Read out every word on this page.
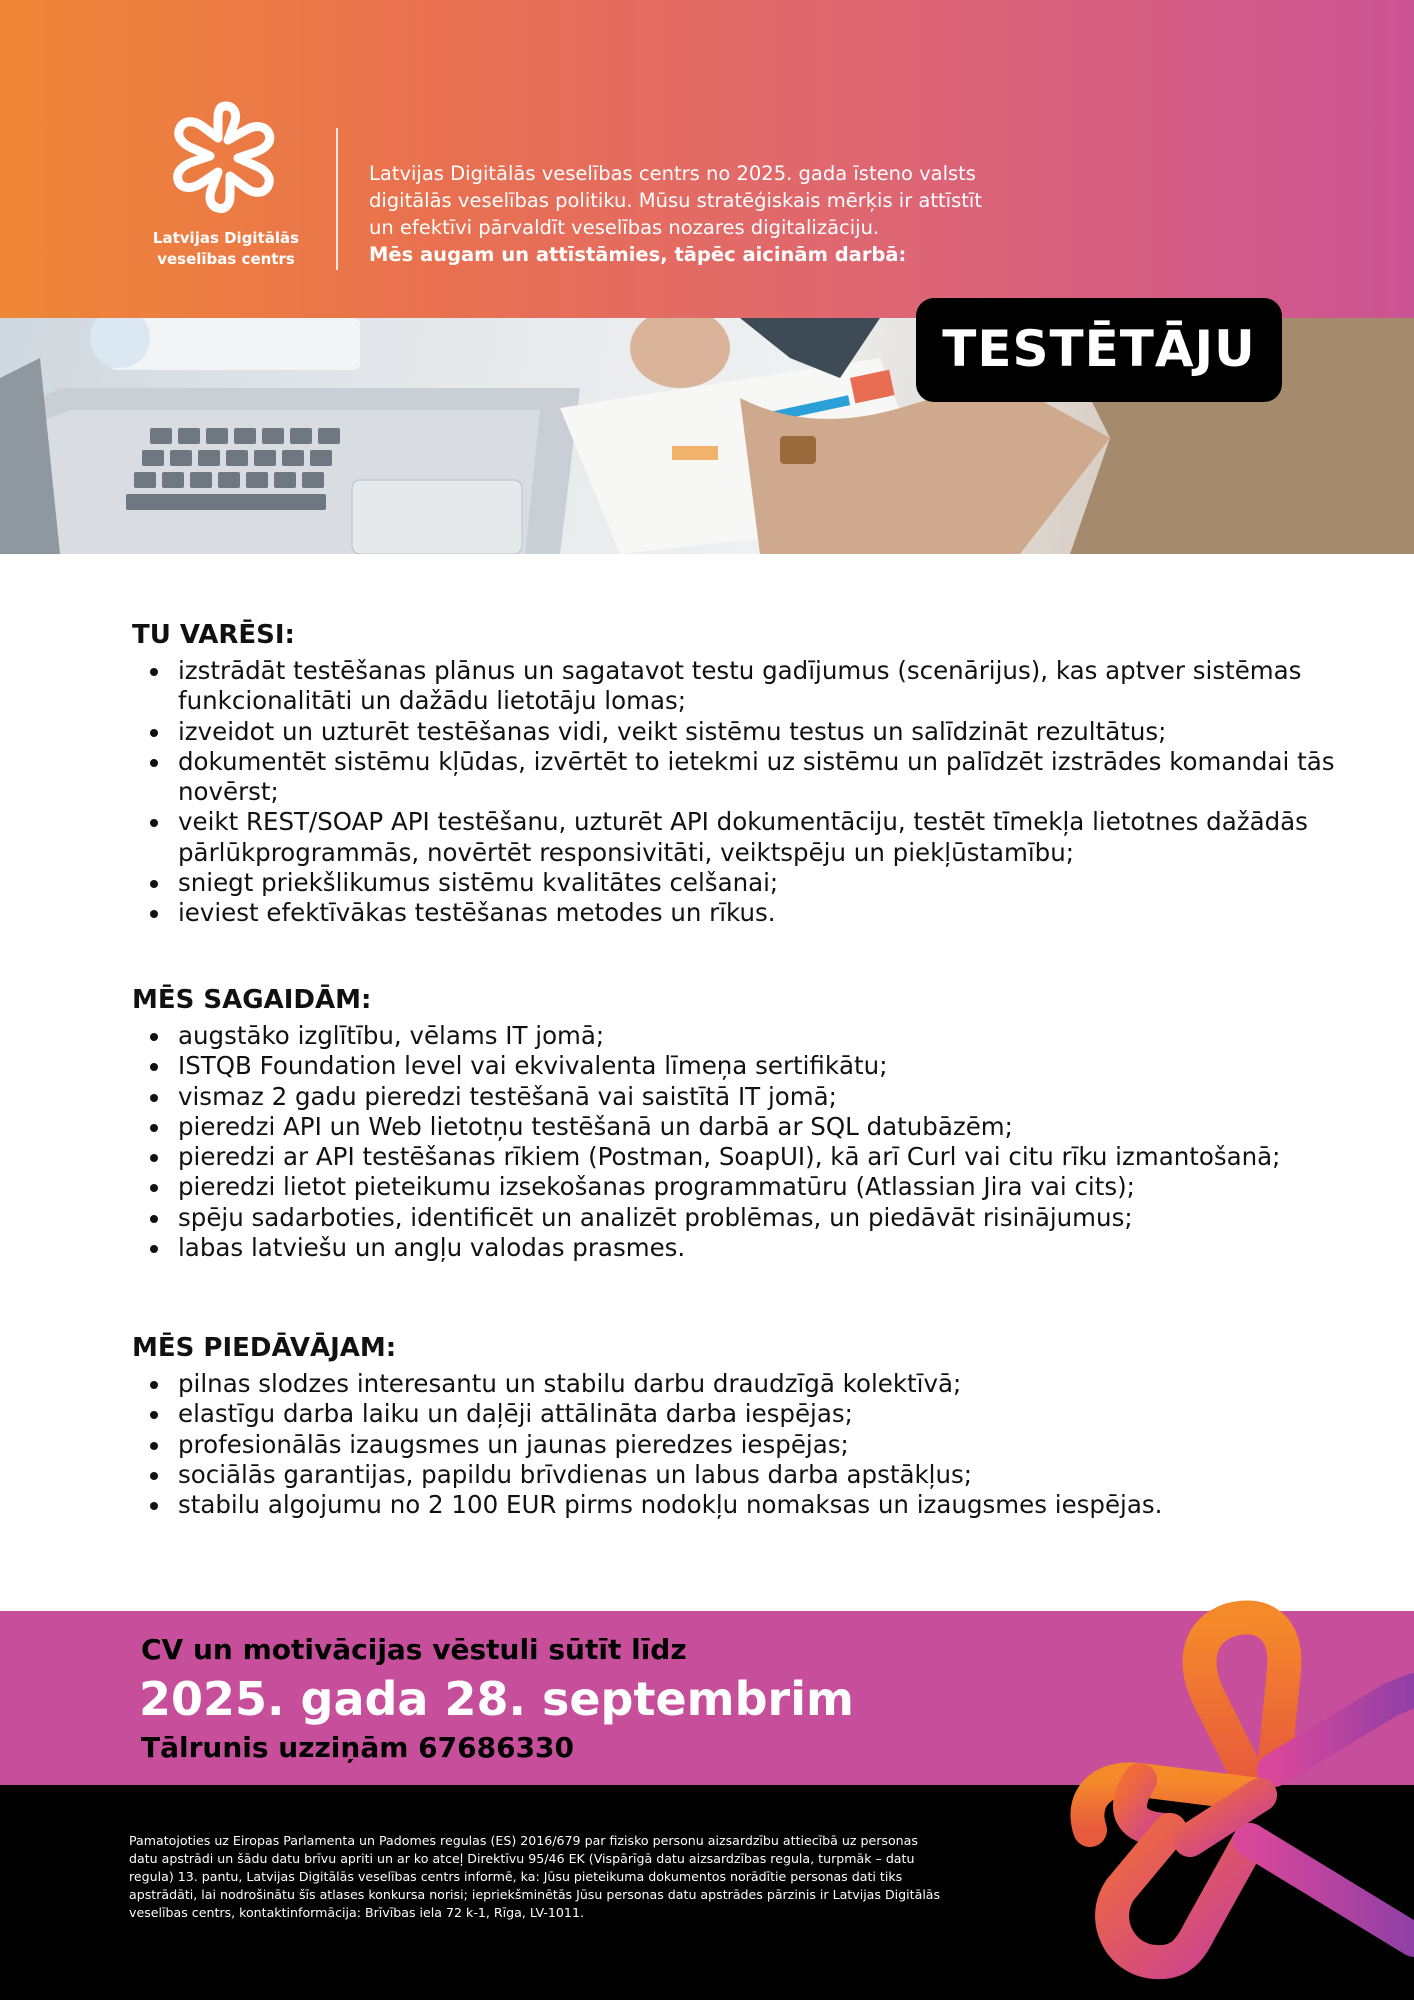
Latvijas Digitālās
veselības centrs
Latvijas Digitālās veselības centrs no 2025. gada īsteno valsts
digitālās veselības politiku. Mūsu stratēģiskais mērķis ir attīstīt
un efektīvi pārvaldīt veselības nozares digitalizāciju.
Mēs augam un attīstāmies, tāpēc aicinām darbā:
TESTĒTĀJU
TU VARĒSI:
izstrādāt testēšanas plānus un sagatavot testu gadījumus (scenārijus), kas aptver sistēmas funkcionalitāti un dažādu lietotāju lomas;
izveidot un uzturēt testēšanas vidi, veikt sistēmu testus un salīdzināt rezultātus;
dokumentēt sistēmu kļūdas, izvērtēt to ietekmi uz sistēmu un palīdzēt izstrādes komandai tās novērst;
veikt REST/SOAP API testēšanu, uzturēt API dokumentāciju, testēt tīmekļa lietotnes dažādās pārlūkprogrammās, novērtēt responsivitāti, veiktspēju un piekļūstamību;
sniegt priekšlikumus sistēmu kvalitātes celšanai;
ieviest efektīvākas testēšanas metodes un rīkus.
MĒS SAGAIDĀM:
augstāko izglītību, vēlams IT jomā;
ISTQB Foundation level vai ekvivalenta līmeņa sertifikātu;
vismaz 2 gadu pieredzi testēšanā vai saistītā IT jomā;
pieredzi API un Web lietotņu testēšanā un darbā ar SQL datubāzēm;
pieredzi ar API testēšanas rīkiem (Postman, SoapUI), kā arī Curl vai citu rīku izmantošanā;
pieredzi lietot pieteikumu izsekošanas programmatūru (Atlassian Jira vai cits);
spēju sadarboties, identificēt un analizēt problēmas, un piedāvāt risinājumus;
labas latviešu un angļu valodas prasmes.
MĒS PIEDĀVĀJAM:
pilnas slodzes interesantu un stabilu darbu draudzīgā kolektīvā;
elastīgu darba laiku un daļēji attālināta darba iespējas;
profesionālās izaugsmes un jaunas pieredzes iespējas;
sociālās garantijas, papildu brīvdienas un labus darba apstākļus;
stabilu algojumu no 2 100 EUR pirms nodokļu nomaksas un izaugsmes iespējas.
CV un motivācijas vēstuli sūtīt līdz
2025. gada 28. septembrim
Tālrunis uzziņām 67686330
Pamatojoties uz Eiropas Parlamenta un Padomes regulas (ES) 2016/679 par fizisko personu aizsardzību attiecībā uz personas
datu apstrādi un šādu datu brīvu apriti un ar ko atceļ Direktīvu 95/46 EK (Vispārīgā datu aizsardzības regula, turpmāk – datu
regula) 13. pantu, Latvijas Digitālās veselības centrs informē, ka: Jūsu pieteikuma dokumentos norādītie personas dati tiks
apstrādāti, lai nodrošinātu šīs atlases konkursa norisi; iepriekšminētās Jūsu personas datu apstrādes pārzinis ir Latvijas Digitālās
veselības centrs, kontaktinformācija: Brīvības iela 72 k-1, Rīga, LV-1011.
